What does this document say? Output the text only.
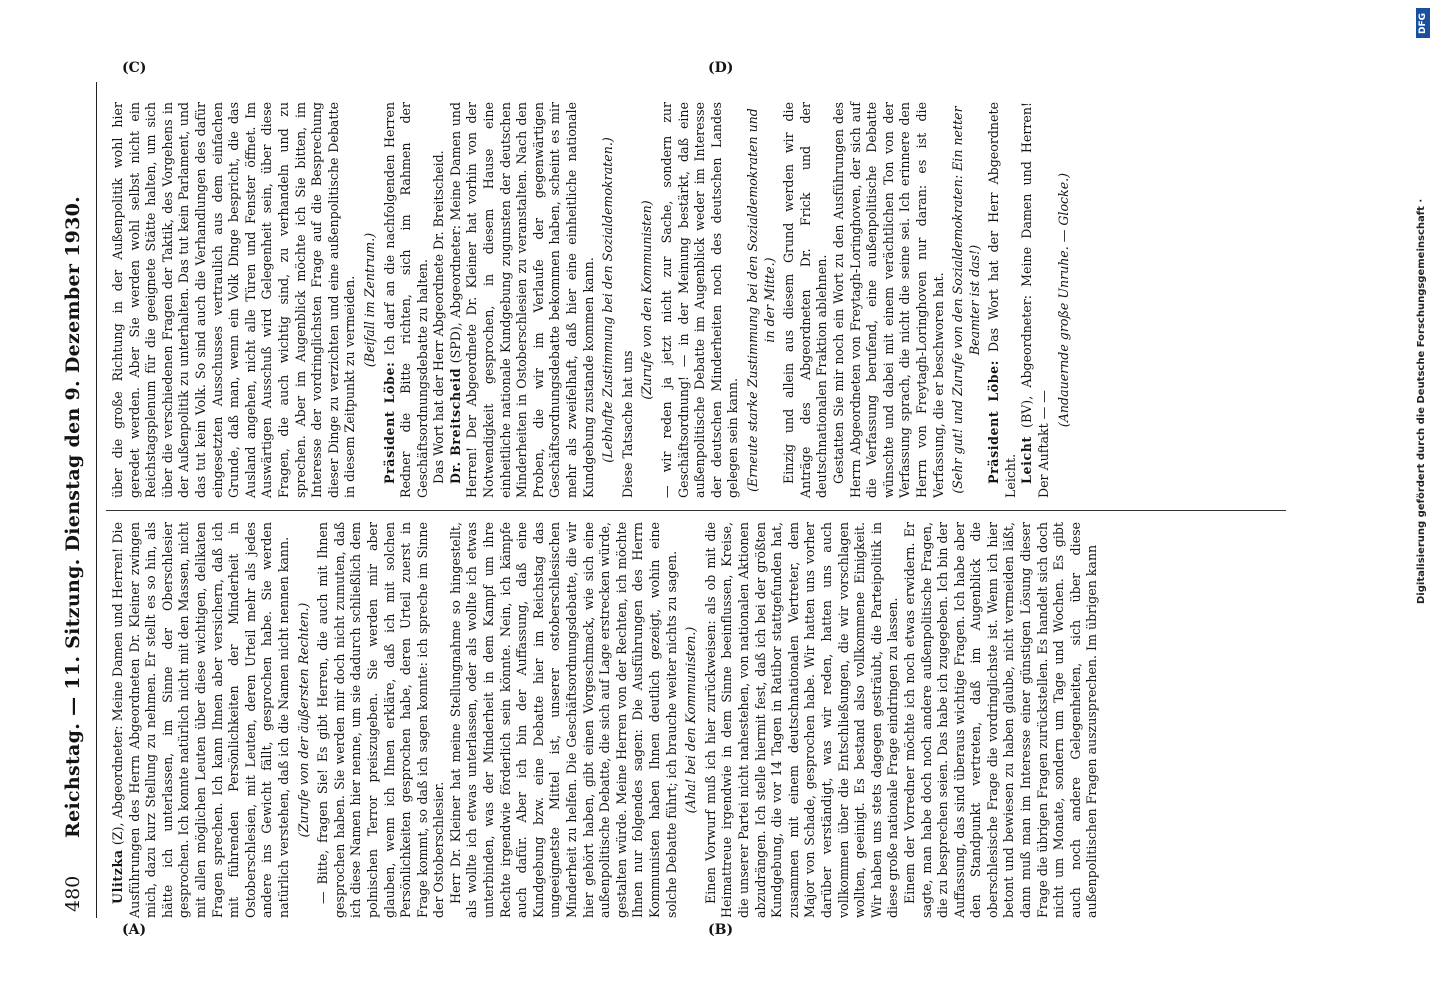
480
Reichstag. — 11. Sitzung. Dienstag den 9. Dezember 1930.

Ulitzka (Z), Abgeordneter: Meine Damen und Herren! Die Ausführungen des Herrn Abgeordneten Dr. Kleiner zwingen mich, dazu kurz Stellung zu nehmen. Er stellt es so hin, als hätte ich unterlassen, im Sinne der Oberschlesier gesprochen. Ich konnte natürlich nicht mit den Massen, nicht mit allen möglichen Leuten über diese wichtigen, delikaten Fragen sprechen. Ich kann Ihnen aber versichern, daß ich mit führenden Persönlichkeiten der Minderheit in Ostoberschlesien, mit Leuten, deren Urteil mehr als jedes andere ins Gewicht fällt, gesprochen habe. Sie werden natürlich verstehen, daß ich die Namen nicht nennen kann. (Zurufe von der äußersten Rechten.) — Bitte, fragen Sie! Es gibt Herren, die auch mit Ihnen gesprochen haben. Sie werden mir doch nicht zumuten, daß ich diese Namen hier nenne, um sie dadurch schließlich dem polnischen Terror preiszugeben. Sie werden mir aber glauben, wenn ich Ihnen erkläre, daß ich mit solchen Persönlichkeiten gesprochen habe, deren Urteil zuerst in Frage kommt, so daß ich sagen konnte: ich spreche im Sinne der Ostoberschlesier. Herr Dr. Kleiner hat meine Stellungnahme so hingestellt, als wollte ich etwas unterlassen, oder als wollte ich etwas unterbinden, was der Minderheit in dem Kampf um ihre Rechte irgendwie förderlich sein könnte. Nein, ich kämpfe auch dafür. Aber ich bin der Auffassung, daß eine Kundgebung bzw. eine Debatte hier im Reichstag das ungeeignetste Mittel ist, unserer ostoberschlesischen Minderheit zu helfen. Die Geschäftsordnungsdebatte, die wir hier gehört haben, gibt einen Vorgeschmack, wie sich eine außenpolitische Debatte, die sich auf Lage erstrecken würde, gestalten würde. Meine Herren von der Rechten, ich möchte Ihnen nur folgendes sagen: Die Ausführungen des Herrn Kommunisten haben Ihnen deutlich gezeigt, wohin eine solche Debatte führt; ich brauche weiter nichts zu sagen. (Aha! bei den Kommunisten.) Einen Vorwurf muß ich hier zurückweisen: als ob mit die Heimattreue irgendwie in dem Sinne beeinflussen, Kreise, die unserer Partei nicht nahestehen, von nationalen Aktionen abzudrängen. Ich stelle hiermit fest, daß ich bei der größten Kundgebung, die vor 14 Tagen in Ratibor stattgefunden hat, zusammen mit einem deutschnationalen Vertreter, dem Major von Schade, gesprochen habe. Wir hatten uns vorher darüber verständigt, was wir reden, hatten uns auch vollkommen über die Entschließungen, die wir vorschlagen wollten, geeinigt. Es bestand also vollkommene Einigkeit. Wir haben uns stets dagegen gesträubt, die Parteipolitik in diese große nationale Frage eindringen zu lassen. Einem der Vorredner möchte ich noch etwas erwidern. Er sagte, man habe doch noch andere außenpolitische Fragen, die zu besprechen seien. Das habe ich zugegeben. Ich bin der Auffassung, das sind überaus wichtige Fragen. Ich habe aber den Standpunkt vertreten, daß im Augenblick die oberschlesische Frage die vordringlichste ist. Wenn ich hier betont und bewiesen zu haben glaube, nicht vermeiden läßt, dann muß man im Interesse einer günstigen Lösung dieser Frage die übrigen Fragen zurückstellen. Es handelt sich doch nicht um Monate, sondern um Tage und Wochen. Es gibt auch noch andere Gelegenheiten, sich über diese außenpolitischen Fragen auszusprechen. Im übrigen kann

über die große Richtung in der Außenpolitik wohl hier geredet werden. Aber Sie werden wohl selbst nicht ein Reichstagsplenum für die geeignete Stätte halten, um sich über die verschiedenen Fragen der Taktik, des Vorgehens in der Außenpolitik zu unterhalten. Das tut kein Parlament, und das tut kein Volk. So sind auch die Verhandlungen des dafür eingesetzten Ausschusses vertraulich aus dem einfachen Grunde, daß man, wenn ein Volk Dinge bespricht, die das Ausland angehen, nicht alle Türen und Fenster öffnet. Im Auswärtigen Ausschuß wird Gelegenheit sein, über diese Fragen, die auch wichtig sind, zu verhandeln und zu sprechen. Aber im Augenblick möchte ich Sie bitten, im Interesse der vordringlichsten Frage auf die Besprechung dieser Dinge zu verzichten und eine außenpolitische Debatte in diesem Zeitpunkt zu vermeiden. (Beifall im Zentrum.)

Präsident Löbe: Ich darf an die nachfolgenden Herren Redner die Bitte richten, sich im Rahmen der Geschäftsordnungsdebatte zu halten. Das Wort hat der Herr Abgeordnete Dr. Breitscheid. Dr. Breitscheid (SPD), Abgeordneter: Meine Damen und Herren! Der Abgeordnete Dr. Kleiner hat vorhin von der Notwendigkeit gesprochen, in diesem Hause eine einheitliche nationale Kundgebung zugunsten der deutschen Minderheiten in Ostoberschlesien zu veranstalten. Nach den Proben, die wir im Verlaufe der gegenwärtigen Geschäftsordnungsdebatte bekommen haben, scheint es mir mehr als zweifelhaft, daß hier eine einheitliche nationale Kundgebung zustande kommen kann. (Lebhafte Zustimmung bei den Sozialdemokraten.) Diese Tatsache hat uns

(Zurufe von den Kommunisten) — wir reden ja jetzt nicht zur Sache, sondern zur Geschäftsordnung! — in der Meinung bestärkt, daß eine außenpolitische Debatte im Augenblick weder im Interesse der deutschen Minderheiten noch des deutschen Landes gelegen sein kann. (Erneute starke Zustimmung bei den Sozialdemokraten und in der Mitte.) Einzig und allein aus diesem Grund werden wir die Anträge des Abgeordneten Dr. Frick und der deutschnationalen Fraktion ablehnen. Gestatten Sie mir noch ein Wort zu den Ausführungen des Herrn Abgeordneten von Freytagh-Loringhoven, der sich auf die Verfassung berufend, eine außenpolitische Debatte wünschte und dabei mit einem verächtlichen Ton von der Verfassung sprach, die nicht die seine sei. Ich erinnere den Herrn von Freytagh-Loringhoven nur daran: es ist die Verfassung, die er beschworen hat. (Sehr gut! und Zurufe von den Sozialdemokraten: Ein netter Beamter ist das!)

Präsident Löbe: Das Wort hat der Herr Abgeordnete Leicht. Leicht (BV), Abgeordneter: Meine Damen und Herren! Der Auftakt — —

(Andauernde große Unruhe. — Glocke.)

(A)	(B)
(C)	(D)
DFG
Digitalisierung gefördert durch die Deutsche Forschungsgemeinschaft ·
